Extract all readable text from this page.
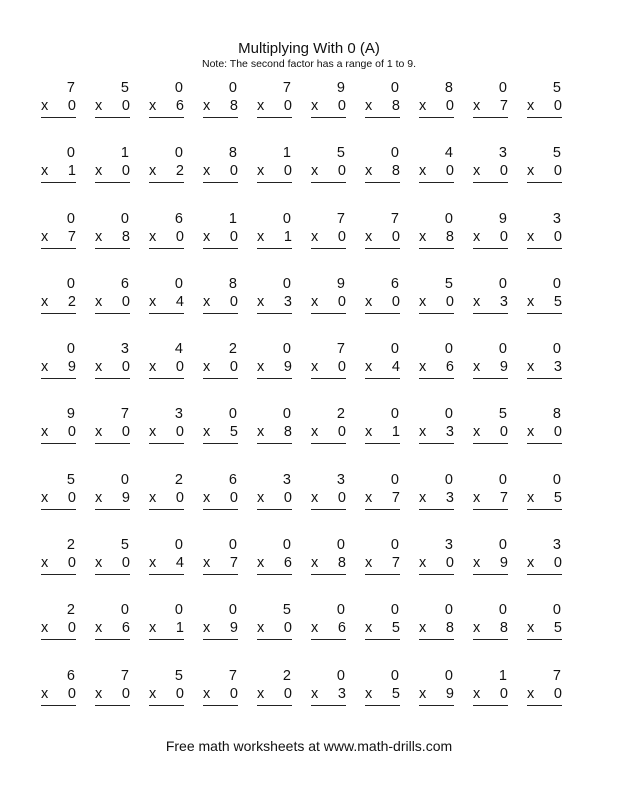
Multiplying With 0 (A)
Note: The second factor has a range of 1 to 9.
7
x 0
5
x 0
0
x 6
0
x 8
7
x 0
9
x 0
0
x 8
8
x 0
0
x 7
5
x 0
0
x 1
1
x 0
0
x 2
8
x 0
1
x 0
5
x 0
0
x 8
4
x 0
3
x 0
5
x 0
0
x 7
0
x 8
6
x 0
1
x 0
0
x 1
7
x 0
7
x 0
0
x 8
9
x 0
3
x 0
0
x 2
6
x 0
0
x 4
8
x 0
0
x 3
9
x 0
6
x 0
5
x 0
0
x 3
0
x 5
0
x 9
3
x 0
4
x 0
2
x 0
0
x 9
7
x 0
0
x 4
0
x 6
0
x 9
0
x 3
9
x 0
7
x 0
3
x 0
0
x 5
0
x 8
2
x 0
0
x 1
0
x 3
5
x 0
8
x 0
5
x 0
0
x 9
2
x 0
6
x 0
3
x 0
3
x 0
0
x 7
0
x 3
0
x 7
0
x 5
2
x 0
5
x 0
0
x 4
0
x 7
0
x 6
0
x 8
0
x 7
3
x 0
0
x 9
3
x 0
2
x 0
0
x 6
0
x 1
0
x 9
5
x 0
0
x 6
0
x 5
0
x 8
0
x 8
0
x 5
6
x 0
7
x 0
5
x 0
7
x 0
2
x 0
0
x 3
0
x 5
0
x 9
1
x 0
7
x 0
Free math worksheets at www.math-drills.com
